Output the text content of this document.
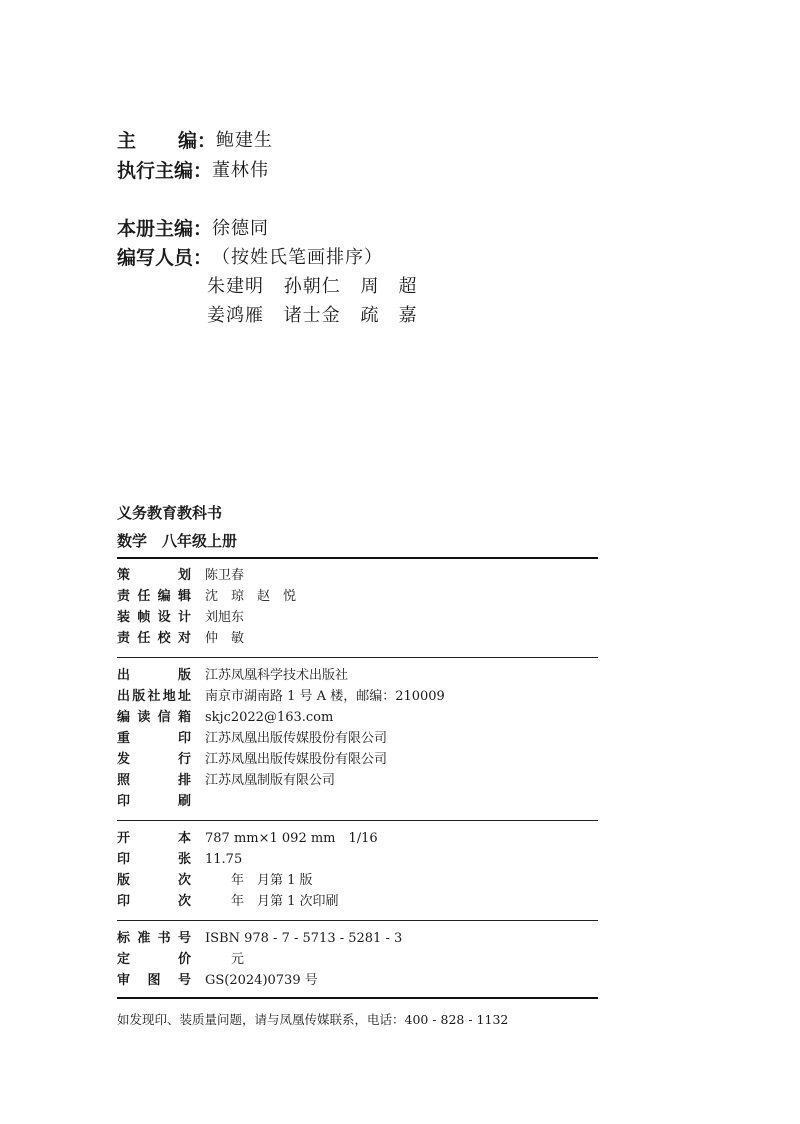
主 编 ：鲍建生
执行主编：董林伟
本册主编：徐德同
编写人员：（按姓氏笔画排序）
朱建明 孙朝仁 周　超
姜鸿雁 诸士金 疏　嘉
义务教育教科书
数学　八年级上册
策	划 陈卫春
责 任 编 辑 沈　琼　赵　悦
装 帧 设 计 刘旭东
责 任 校 对 仲　敏
出	版 江苏凤凰科学技术出版社
出 版 社 地 址 南京市湖南路 1 号 A 楼，邮编：210009
编 读 信 箱 skjc2022@163.com
重	印 江苏凤凰出版传媒股份有限公司
发	行 江苏凤凰出版传媒股份有限公司
照	排 江苏凤凰制版有限公司
印	刷
开	本 787 mm×1 092 mm　1/16
印	张 11.75
版	次 　　年　月第 1 版
印	次 　　年　月第 1 次印刷
标 准 书 号 ISBN 978 - 7 - 5713 - 5281 - 3
定	价 　　元
审 图 号 GS(2024)0739 号
如发现印、装质量问题，请与凤凰传媒联系，电话：400 - 828 - 1132
